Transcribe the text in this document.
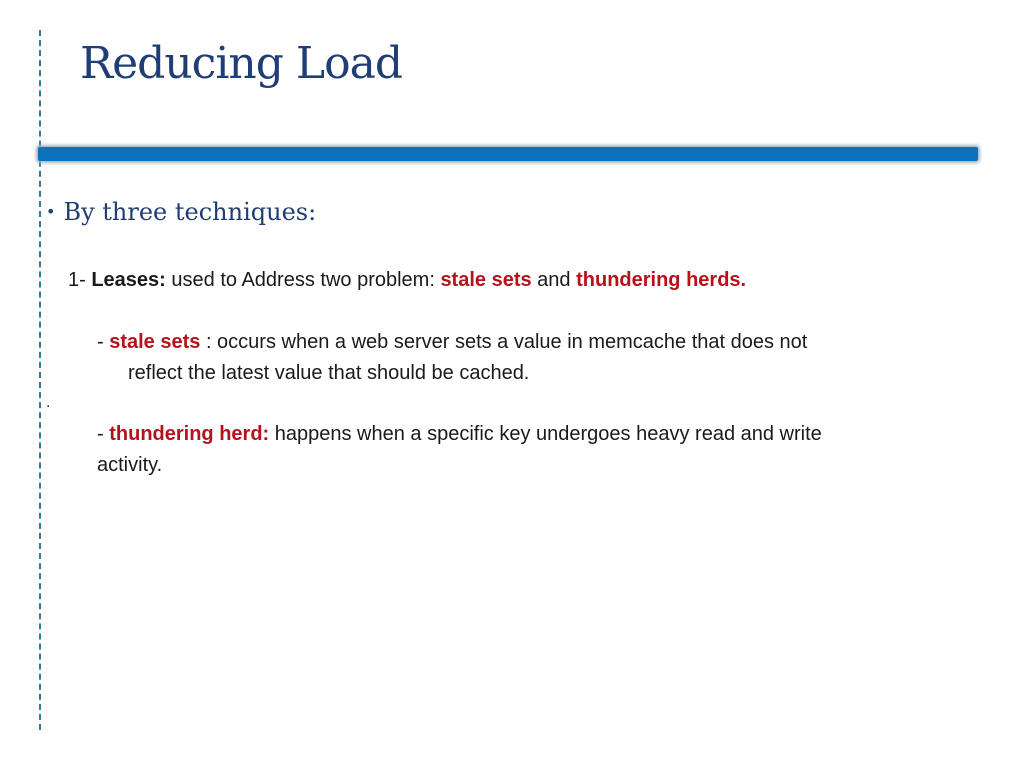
Reducing Load
• By three techniques:
1- Leases: used to Address two problem: stale sets and thundering herds.
- stale sets : occurs when a web server sets a value in memcache that does not
reflect the latest value that should be cached.
.
- thundering herd: happens when a specific key undergoes heavy read and write
activity.
